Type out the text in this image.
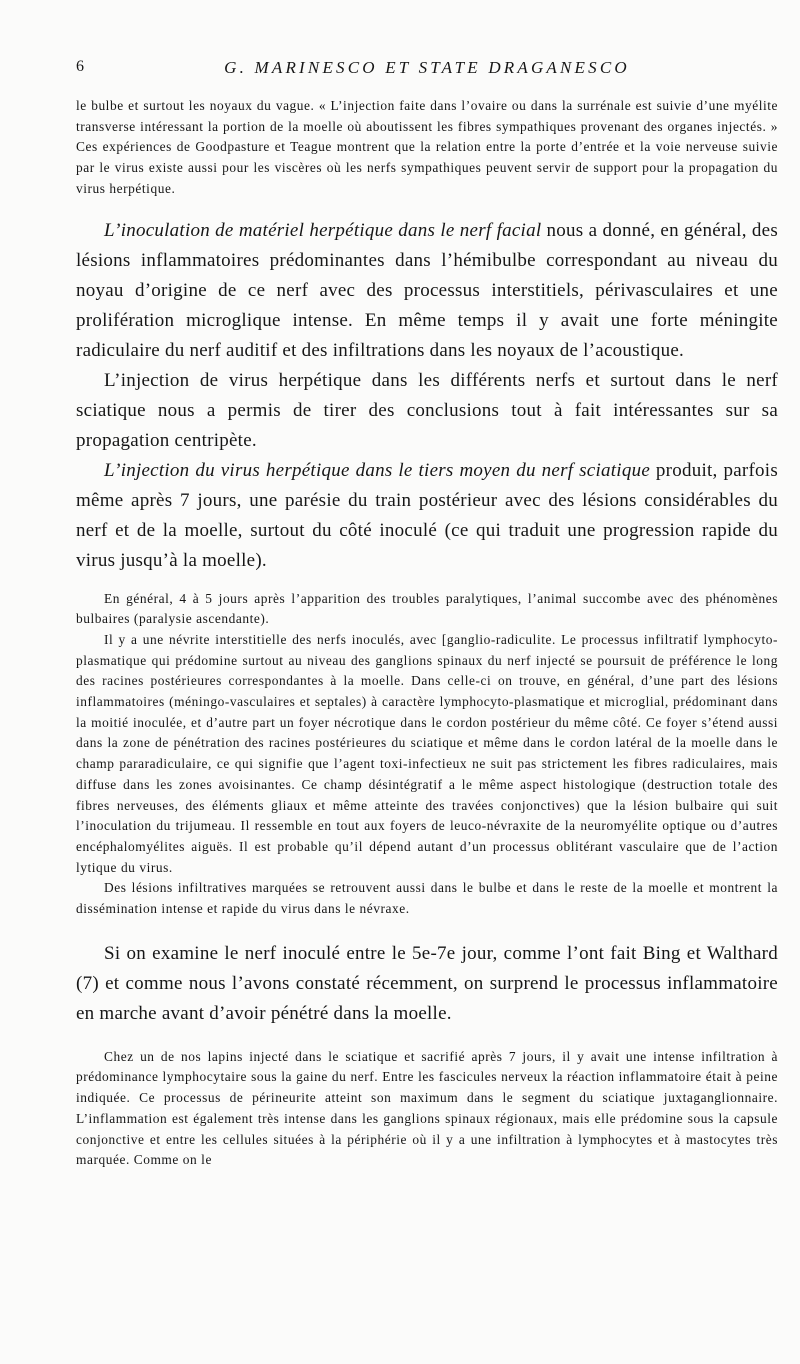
6	G. MARINESCO ET STATE DRAGANESCO

le bulbe et surtout les noyaux du vague. « L’injection faite dans l’ovaire ou dans la surrénale est suivie d’une myélite transverse intéressant la portion de la moelle où aboutissent les fibres sympathiques provenant des organes injectés. » Ces expériences de Goodpasture et Teague montrent que la relation entre la porte d’entrée et la voie nerveuse suivie par le virus existe aussi pour les viscères où les nerfs sympathiques peuvent servir de support pour la propagation du virus herpétique.

L’inoculation de matériel herpétique dans le nerf facial nous a donné, en général, des lésions inflammatoires prédominantes dans l’hémibulbe correspondant au niveau du noyau d’origine de ce nerf avec des processus interstitiels, périvasculaires et une prolifération microglique intense. En même temps il y avait une forte méningite radiculaire du nerf auditif et des infiltrations dans les noyaux de l’acoustique.

L’injection de virus herpétique dans les différents nerfs et surtout dans le nerf sciatique nous a permis de tirer des conclusions tout à fait intéressantes sur sa propagation centripète.

L’injection du virus herpétique dans le tiers moyen du nerf sciatique produit, parfois même après 7 jours, une parésie du train postérieur avec des lésions considérables du nerf et de la moelle, surtout du côté inoculé (ce qui traduit une progression rapide du virus jusqu’à la moelle).

En général, 4 à 5 jours après l’apparition des troubles paralytiques, l’animal succombe avec des phénomènes bulbaires (paralysie ascendante).

Il y a une névrite interstitielle des nerfs inoculés, avec [ganglio-radiculite. Le processus infiltratif lymphocyto-plasmatique qui prédomine surtout au niveau des ganglions spinaux du nerf injecté se poursuit de préférence le long des racines postérieures correspondantes à la moelle. Dans celle-ci on trouve, en général, d’une part des lésions inflammatoires (méningo-vasculaires et septales) à caractère lymphocyto-plasmatique et microglial, prédominant dans la moitié inoculée, et d’autre part un foyer nécrotique dans le cordon postérieur du même côté. Ce foyer s’étend aussi dans la zone de pénétration des racines postérieures du sciatique et même dans le cordon latéral de la moelle dans le champ pararadiculaire, ce qui signifie que l’agent toxi-infectieux ne suit pas strictement les fibres radiculaires, mais diffuse dans les zones avoisinantes. Ce champ désintégratif a le même aspect histologique (destruction totale des fibres nerveuses, des éléments gliaux et même atteinte des travées conjonctives) que la lésion bulbaire qui suit l’inoculation du trijumeau. Il ressemble en tout aux foyers de leuco-névraxite de la neuromyélite optique ou d’autres encéphalomyélites aiguës. Il est probable qu’il dépend autant d’un processus oblitérant vasculaire que de l’action lytique du virus.

Des lésions infiltratives marquées se retrouvent aussi dans le bulbe et dans le reste de la moelle et montrent la dissémination intense et rapide du virus dans le névraxe.

Si on examine le nerf inoculé entre le 5e-7e jour, comme l’ont fait Bing et Walthard (7) et comme nous l’avons constaté récemment, on surprend le processus inflammatoire en marche avant d’avoir pénétré dans la moelle.

Chez un de nos lapins injecté dans le sciatique et sacrifié après 7 jours, il y avait une intense infiltration à prédominance lymphocytaire sous la gaine du nerf. Entre les fascicules nerveux la réaction inflammatoire était à peine indiquée. Ce processus de périneurite atteint son maximum dans le segment du sciatique juxtaganglionnaire. L’inflammation est également très intense dans les ganglions spinaux régionaux, mais elle prédomine sous la capsule conjonctive et entre les cellules situées à la périphérie où il y a une infiltration à lymphocytes et à mastocytes très marquée. Comme on le
